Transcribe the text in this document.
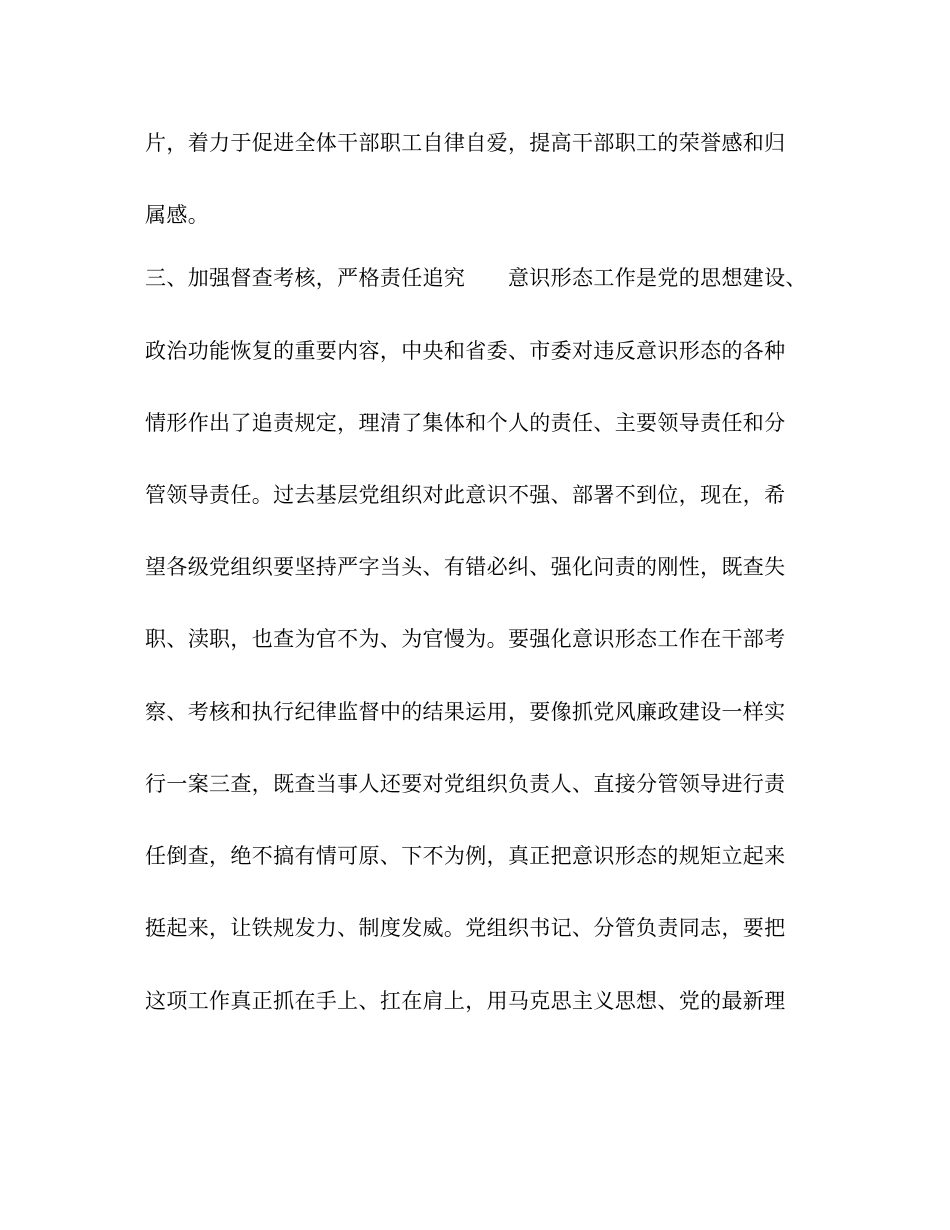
片，着力于促进全体干部职工自律自爱，提高干部职工的荣誉感和归
属感。
三、加强督查考核，严格责任追究　　意识形态工作是党的思想建设、
政治功能恢复的重要内容，中央和省委、市委对违反意识形态的各种
情形作出了追责规定，理清了集体和个人的责任、主要领导责任和分
管领导责任。过去基层党组织对此意识不强、部署不到位，现在，希
望各级党组织要坚持严字当头、有错必纠、强化问责的刚性，既查失
职、渎职，也查为官不为、为官慢为。要强化意识形态工作在干部考
察、考核和执行纪律监督中的结果运用，要像抓党风廉政建设一样实
行一案三查，既查当事人还要对党组织负责人、直接分管领导进行责
任倒查，绝不搞有情可原、下不为例，真正把意识形态的规矩立起来
挺起来，让铁规发力、制度发威。党组织书记、分管负责同志，要把
这项工作真正抓在手上、扛在肩上，用马克思主义思想、党的最新理
